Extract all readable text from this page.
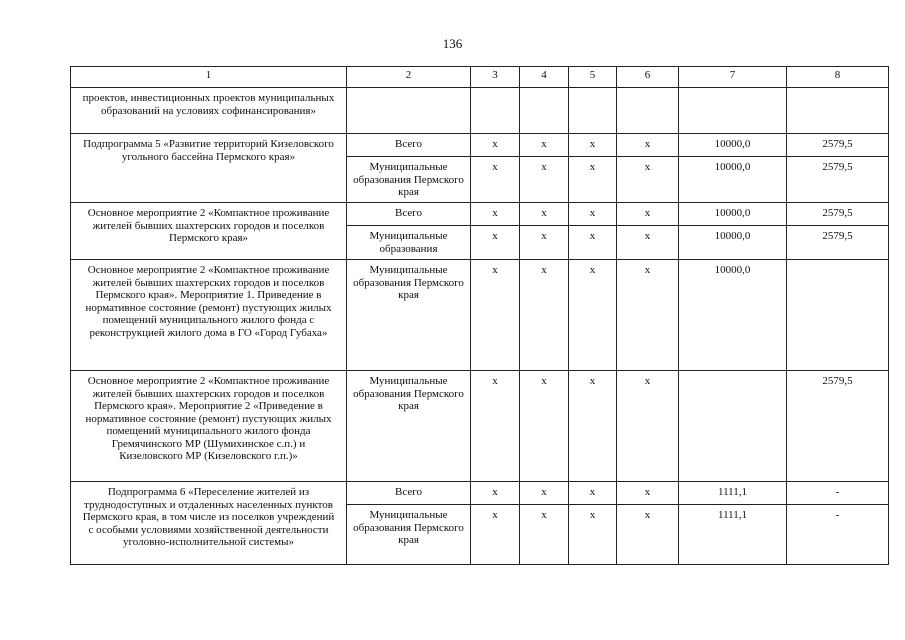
136
1	2	3	4	5	6	7	8
проектов, инвестиционных проектов муниципальных образований на условиях софинансирования»							
Подпрограмма 5 «Развитие территорий Кизеловского угольного бассейна Пермского края»	Всего	х	х	х	х	10000,0	2579,5
	Муниципальные образования Пермского края	х	х	х	х	10000,0	2579,5
Основное мероприятие 2 «Компактное проживание жителей бывших шахтерских городов и поселков Пермского края»	Всего	х	х	х	х	10000,0	2579,5
	Муниципальные образования	х	х	х	х	10000,0	2579,5
Основное мероприятие 2 «Компактное проживание жителей бывших шахтерских городов и поселков Пермского края». Мероприятие 1. Приведение в нормативное состояние (ремонт) пустующих жилых помещений муниципального жилого фонда с реконструкцией жилого дома в ГО «Город Губаха»	Муниципальные образования Пермского края	х	х	х	х	10000,0	
Основное мероприятие 2 «Компактное проживание жителей бывших шахтерских городов и поселков Пермского края». Мероприятие 2 «Приведение в нормативное состояние (ремонт) пустующих жилых помещений муниципального жилого фонда Гремячинского МР (Шумихинское с.п.) и Кизеловского МР (Кизеловского г.п.)»	Муниципальные образования Пермского края	х	х	х	х		2579,5
Подпрограмма 6 «Переселение жителей из труднодоступных и отдаленных населенных пунктов Пермского края, в том числе из поселков учреждений с особыми условиями хозяйственной деятельности уголовно-исполнительной системы»	Всего	х	х	х	х	1111,1	-
	Муниципальные образования Пермского края	х	х	х	х	1111,1	-
